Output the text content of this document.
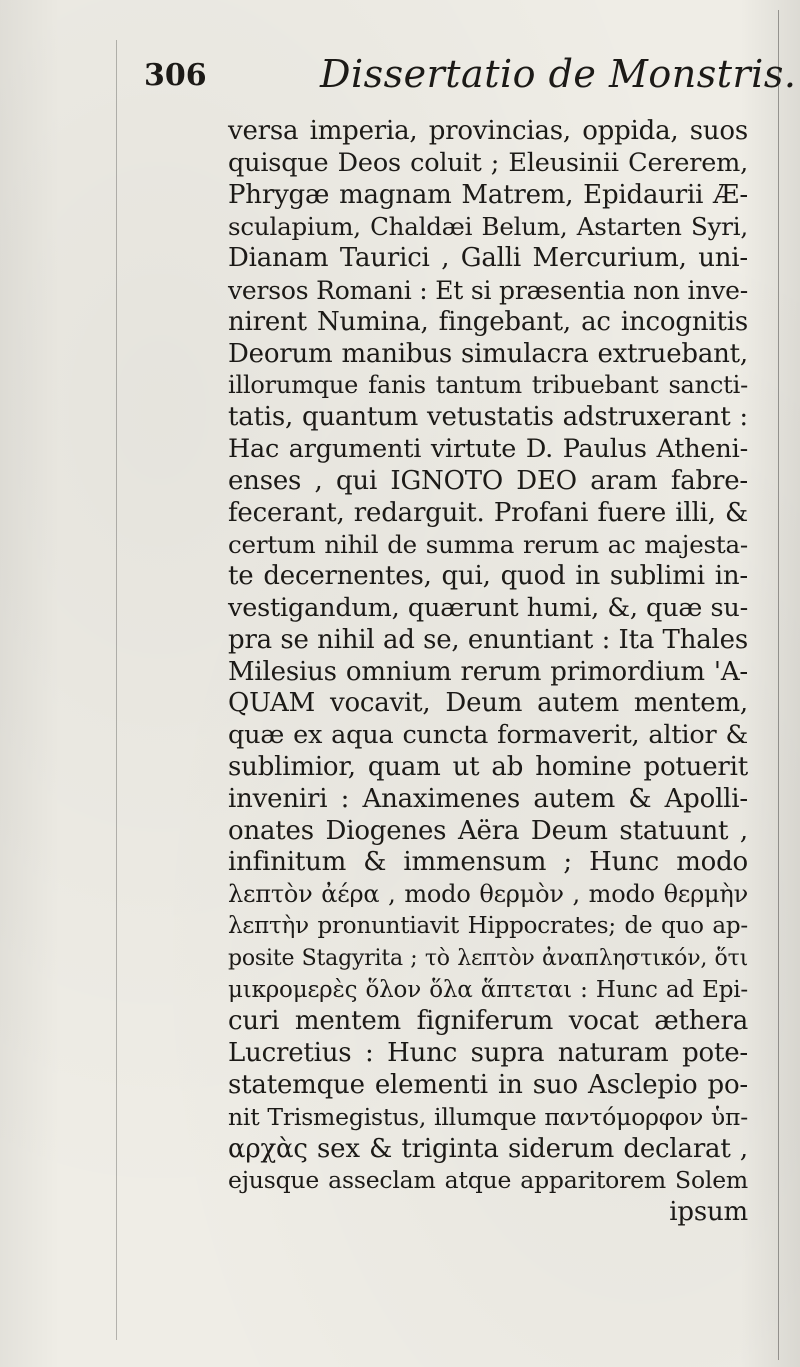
306	Dissertatio de Monstris.
versa imperia, provincias, oppida, suos
quisque Deos coluit ; Eleusinii Cererem,
Phrygæ magnam Matrem, Epidaurii Æ-
sculapium, Chaldæi Belum, Astarten Syri,
Dianam Taurici , Galli Mercurium, uni-
versos Romani : Et si præsentia non inve-
nirent Numina, fingebant, ac incognitis
Deorum manibus simulacra extruebant,
illorumque fanis tantum tribuebant sancti-
tatis, quantum vetustatis adstruxerant :
Hac argumenti virtute D. Paulus Atheni-
enses , qui IGNOTO DEO aram fabre-
fecerant, redarguit. Profani fuere illi, &
certum nihil de summa rerum ac majesta-
te decernentes, qui, quod in sublimi in-
vestigandum, quærunt humi, &, quæ su-
pra se nihil ad se, enuntiant : Ita Thales
Milesius omnium rerum primordium 'A-
QUAM vocavit, Deum autem mentem,
quæ ex aqua cuncta formaverit, altior &
sublimior, quam ut ab homine potuerit
inveniri : Anaximenes autem & Apolli-
onates Diogenes Aëra Deum statuunt ,
infinitum & immensum ; Hunc modo
λεπτὸν ἀέρα , modo θερμὸν , modo θερμὴν
λεπτὴν pronuntiavit Hippocrates; de quo ap-
posite Stagyrita ; τὸ λεπτὸν ἀναπληστικόν, ὅτι
μικρομερὲς ὅλον ὅλα ἅπτεται : Hunc ad Epi-
curi mentem figniferum vocat æthera
Lucretius : Hunc supra naturam pote-
statemque elementi in suo Asclepio po-
nit Trismegistus, illumque παντόμορφον ὑπ-
αρχὰς sex & triginta siderum declarat ,
ejusque asseclam atque apparitorem Solem
ipsum
